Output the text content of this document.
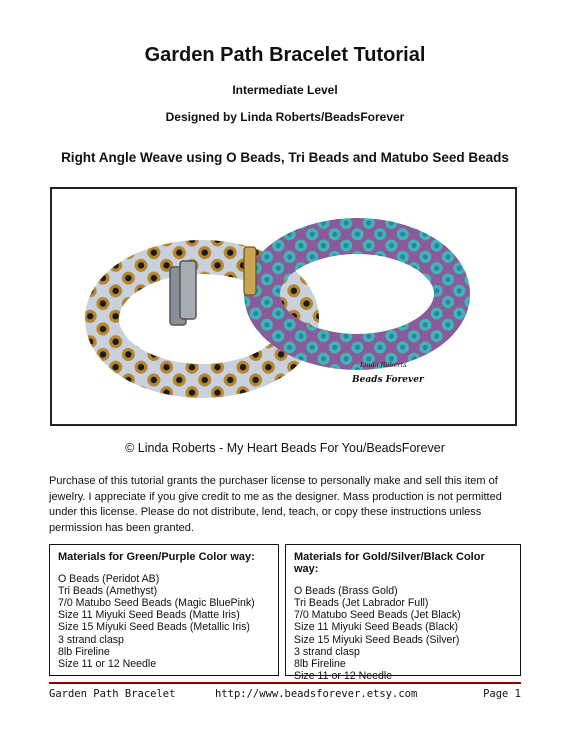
Garden Path Bracelet Tutorial
Intermediate Level
Designed by Linda Roberts/BeadsForever
Right Angle Weave using O Beads, Tri Beads and Matubo Seed Beads
Linda Roberts
Beads Forever
© Linda Roberts - My Heart Beads For You/BeadsForever
Purchase of this tutorial grants the purchaser license to personally make and sell this item of
jewelry. I appreciate if you give credit to me as the designer. Mass production is not permitted
under this license. Please do not distribute, lend, teach, or copy these instructions unless
permission has been granted.
Materials for Green/Purple Color way:
O Beads (Peridot AB)
Tri Beads (Amethyst)
7/0 Matubo Seed Beads (Magic BluePink)
Size 11 Miyuki Seed Beads (Matte Iris)
Size 15 Miyuki Seed Beads (Metallic Iris)
3 strand clasp
8lb Fireline
Size 11 or 12 Needle
Materials for Gold/Silver/Black Color way:
O Beads (Brass Gold)
Tri Beads (Jet Labrador Full)
7/0 Matubo Seed Beads (Jet Black)
Size 11 Miyuki Seed Beads (Black)
Size 15 Miyuki Seed Beads (Silver)
3 strand clasp
8lb Fireline
Size 11 or 12 Needle
Garden Path Bracelet	http://www.beadsforever.etsy.com	Page 1
